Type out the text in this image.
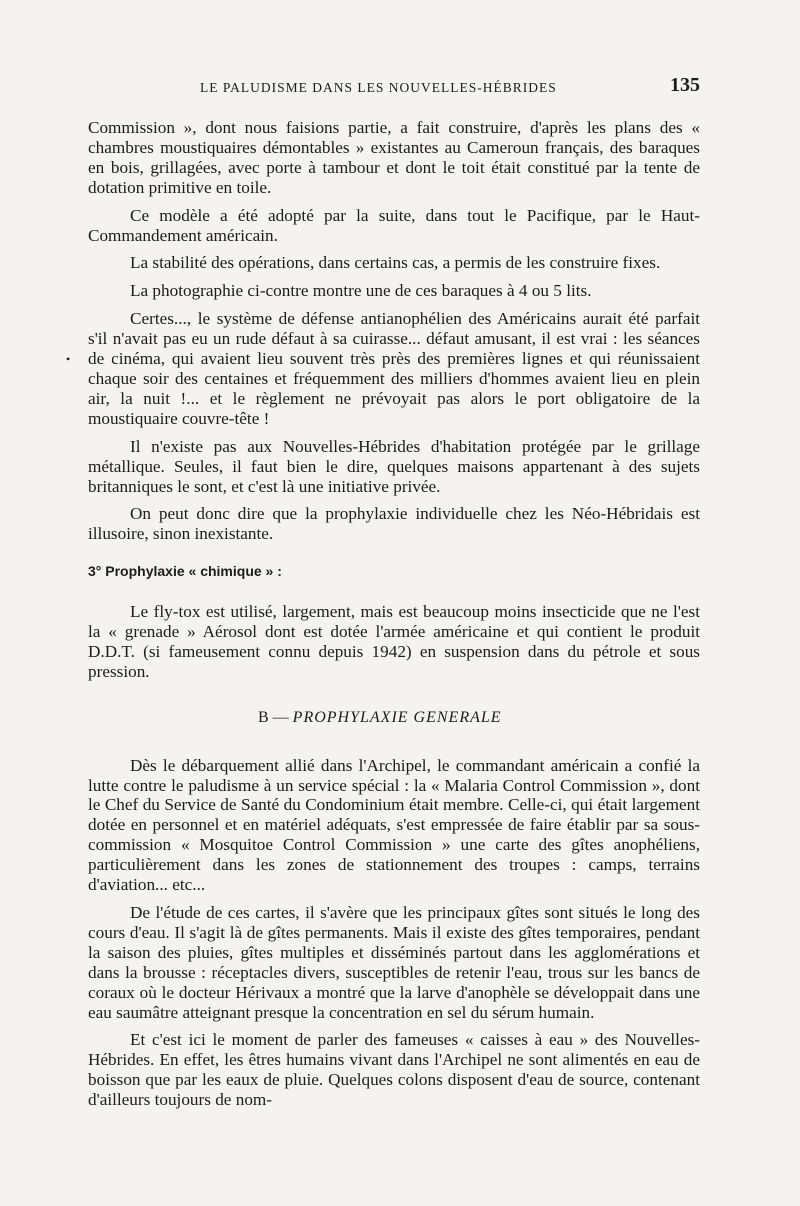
LE PALUDISME DANS LES NOUVELLES-HÉBRIDES	135
•

Commission », dont nous faisions partie, a fait construire, d'après les plans des « chambres moustiquaires démontables » existantes au Cameroun français, des baraques en bois, grillagées, avec porte à tambour et dont le toit était constitué par la tente de dotation primitive en toile.

Ce modèle a été adopté par la suite, dans tout le Pacifique, par le Haut-Commandement américain.

La stabilité des opérations, dans certains cas, a permis de les construire fixes.

La photographie ci-contre montre une de ces baraques à 4 ou 5 lits.

Certes..., le système de défense antianophélien des Américains aurait été parfait s'il n'avait pas eu un rude défaut à sa cuirasse... défaut amusant, il est vrai : les séances de cinéma, qui avaient lieu souvent très près des premières lignes et qui réunissaient chaque soir des centaines et fréquemment des milliers d'hommes avaient lieu en plein air, la nuit !... et le règlement ne prévoyait pas alors le port obligatoire de la moustiquaire couvre-tête !

Il n'existe pas aux Nouvelles-Hébrides d'habitation protégée par le grillage métallique. Seules, il faut bien le dire, quelques maisons appartenant à des sujets britanniques le sont, et c'est là une initiative privée.

On peut donc dire que la prophylaxie individuelle chez les Néo-Hébridais est illusoire, sinon inexistante.

3° Prophylaxie « chimique » :

Le fly-tox est utilisé, largement, mais est beaucoup moins insecticide que ne l'est la « grenade » Aérosol dont est dotée l'armée américaine et qui contient le produit D.D.T. (si fameusement connu depuis 1942) en suspension dans du pétrole et sous pression.

B — PROPHYLAXIE GENERALE

Dès le débarquement allié dans l'Archipel, le commandant américain a confié la lutte contre le paludisme à un service spécial : la « Malaria Control Commission », dont le Chef du Service de Santé du Condominium était membre. Celle-ci, qui était largement dotée en personnel et en matériel adéquats, s'est empressée de faire établir par sa sous-commission « Mosquitoe Control Commission » une carte des gîtes anophéliens, particulièrement dans les zones de stationnement des troupes : camps, terrains d'aviation... etc...

De l'étude de ces cartes, il s'avère que les principaux gîtes sont situés le long des cours d'eau. Il s'agit là de gîtes permanents. Mais il existe des gîtes temporaires, pendant la saison des pluies, gîtes multiples et disséminés partout dans les agglomérations et dans la brousse : réceptacles divers, susceptibles de retenir l'eau, trous sur les bancs de coraux où le docteur Hérivaux a montré que la larve d'anophèle se développait dans une eau saumâtre atteignant presque la concentration en sel du sérum humain.

Et c'est ici le moment de parler des fameuses « caisses à eau » des Nouvelles-Hébrides. En effet, les êtres humains vivant dans l'Archipel ne sont alimentés en eau de boisson que par les eaux de pluie. Quelques colons disposent d'eau de source, contenant d'ailleurs toujours de nom-
